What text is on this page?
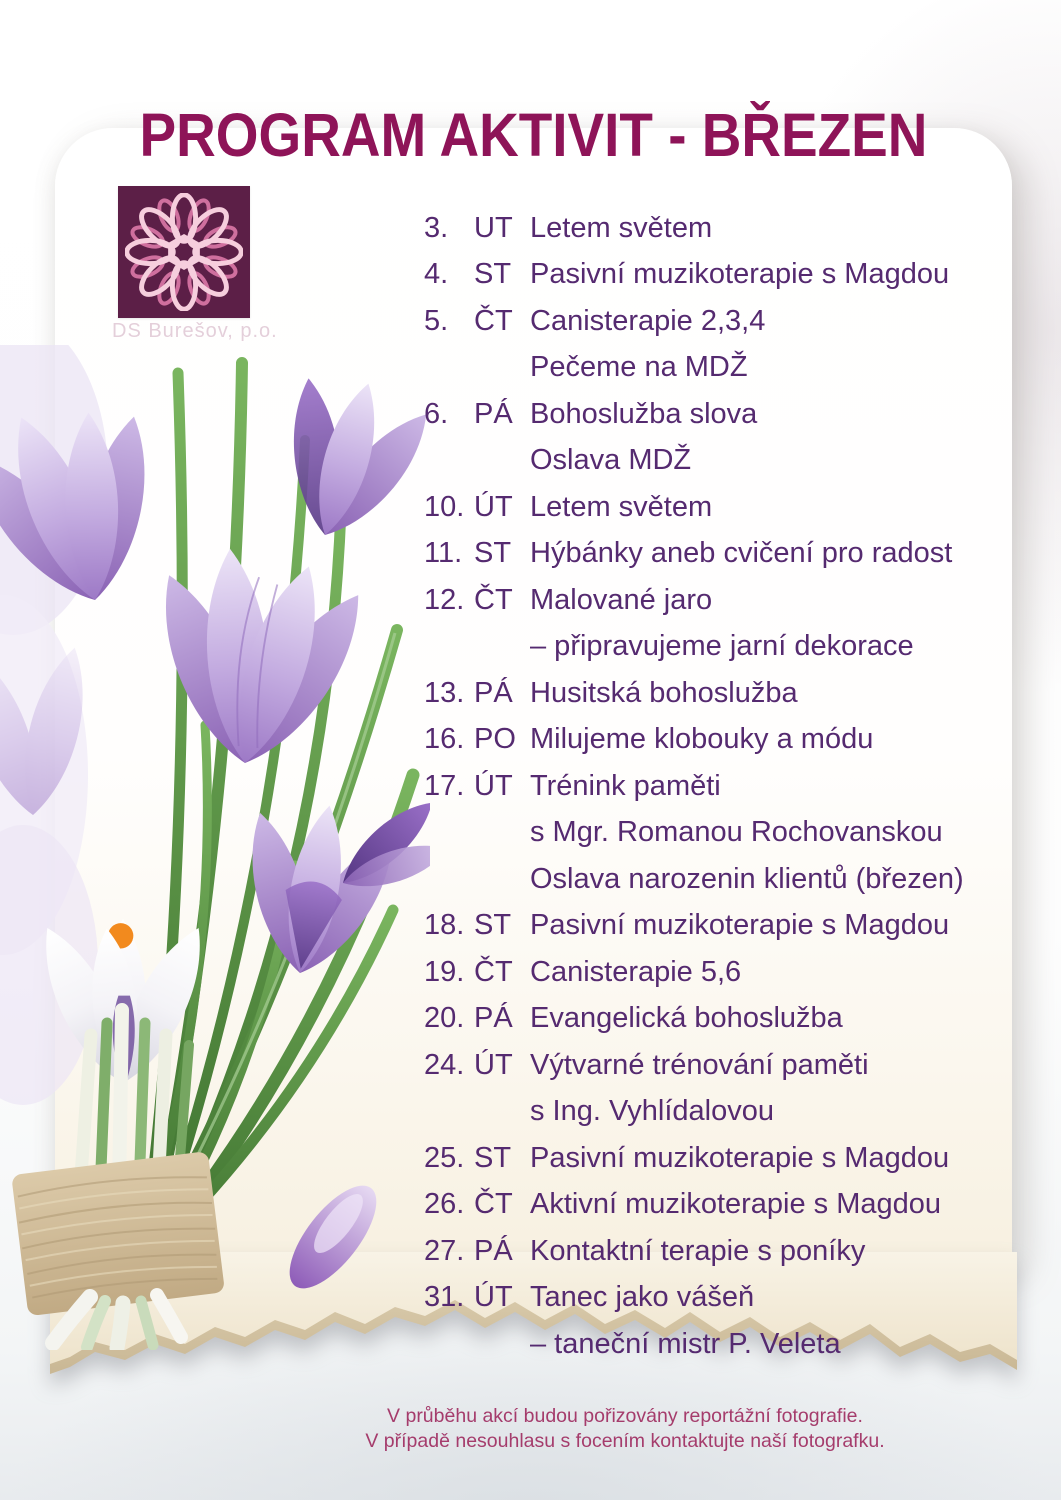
PROGRAM AKTIVIT - BŘEZEN
DS Burešov, p.o.
3. UT Letem světem
4. ST Pasivní muzikoterapie s Magdou
5. ČT Canisterapie 2,3,4
Pečeme na MDŽ
6. PÁ Bohoslužba slova
Oslava MDŽ
10. ÚT Letem světem
11. ST Hýbánky aneb cvičení pro radost
12. ČT Malované jaro
– připravujeme jarní dekorace
13. PÁ Husitská bohoslužba
16. PO Milujeme klobouky a módu
17. ÚT Trénink paměti
s Mgr. Romanou Rochovanskou
Oslava narozenin klientů (březen)
18. ST Pasivní muzikoterapie s Magdou
19. ČT Canisterapie 5,6
20. PÁ Evangelická bohoslužba
24. ÚT Výtvarné trénování paměti
s Ing. Vyhlídalovou
25. ST Pasivní muzikoterapie s Magdou
26. ČT Aktivní muzikoterapie s Magdou
27. PÁ Kontaktní terapie s poníky
31. ÚT Tanec jako vášeň
– taneční mistr P. Veleta
V průběhu akcí budou pořizovány reportážní fotografie.
V případě nesouhlasu s focením kontaktujte naší fotografku.
